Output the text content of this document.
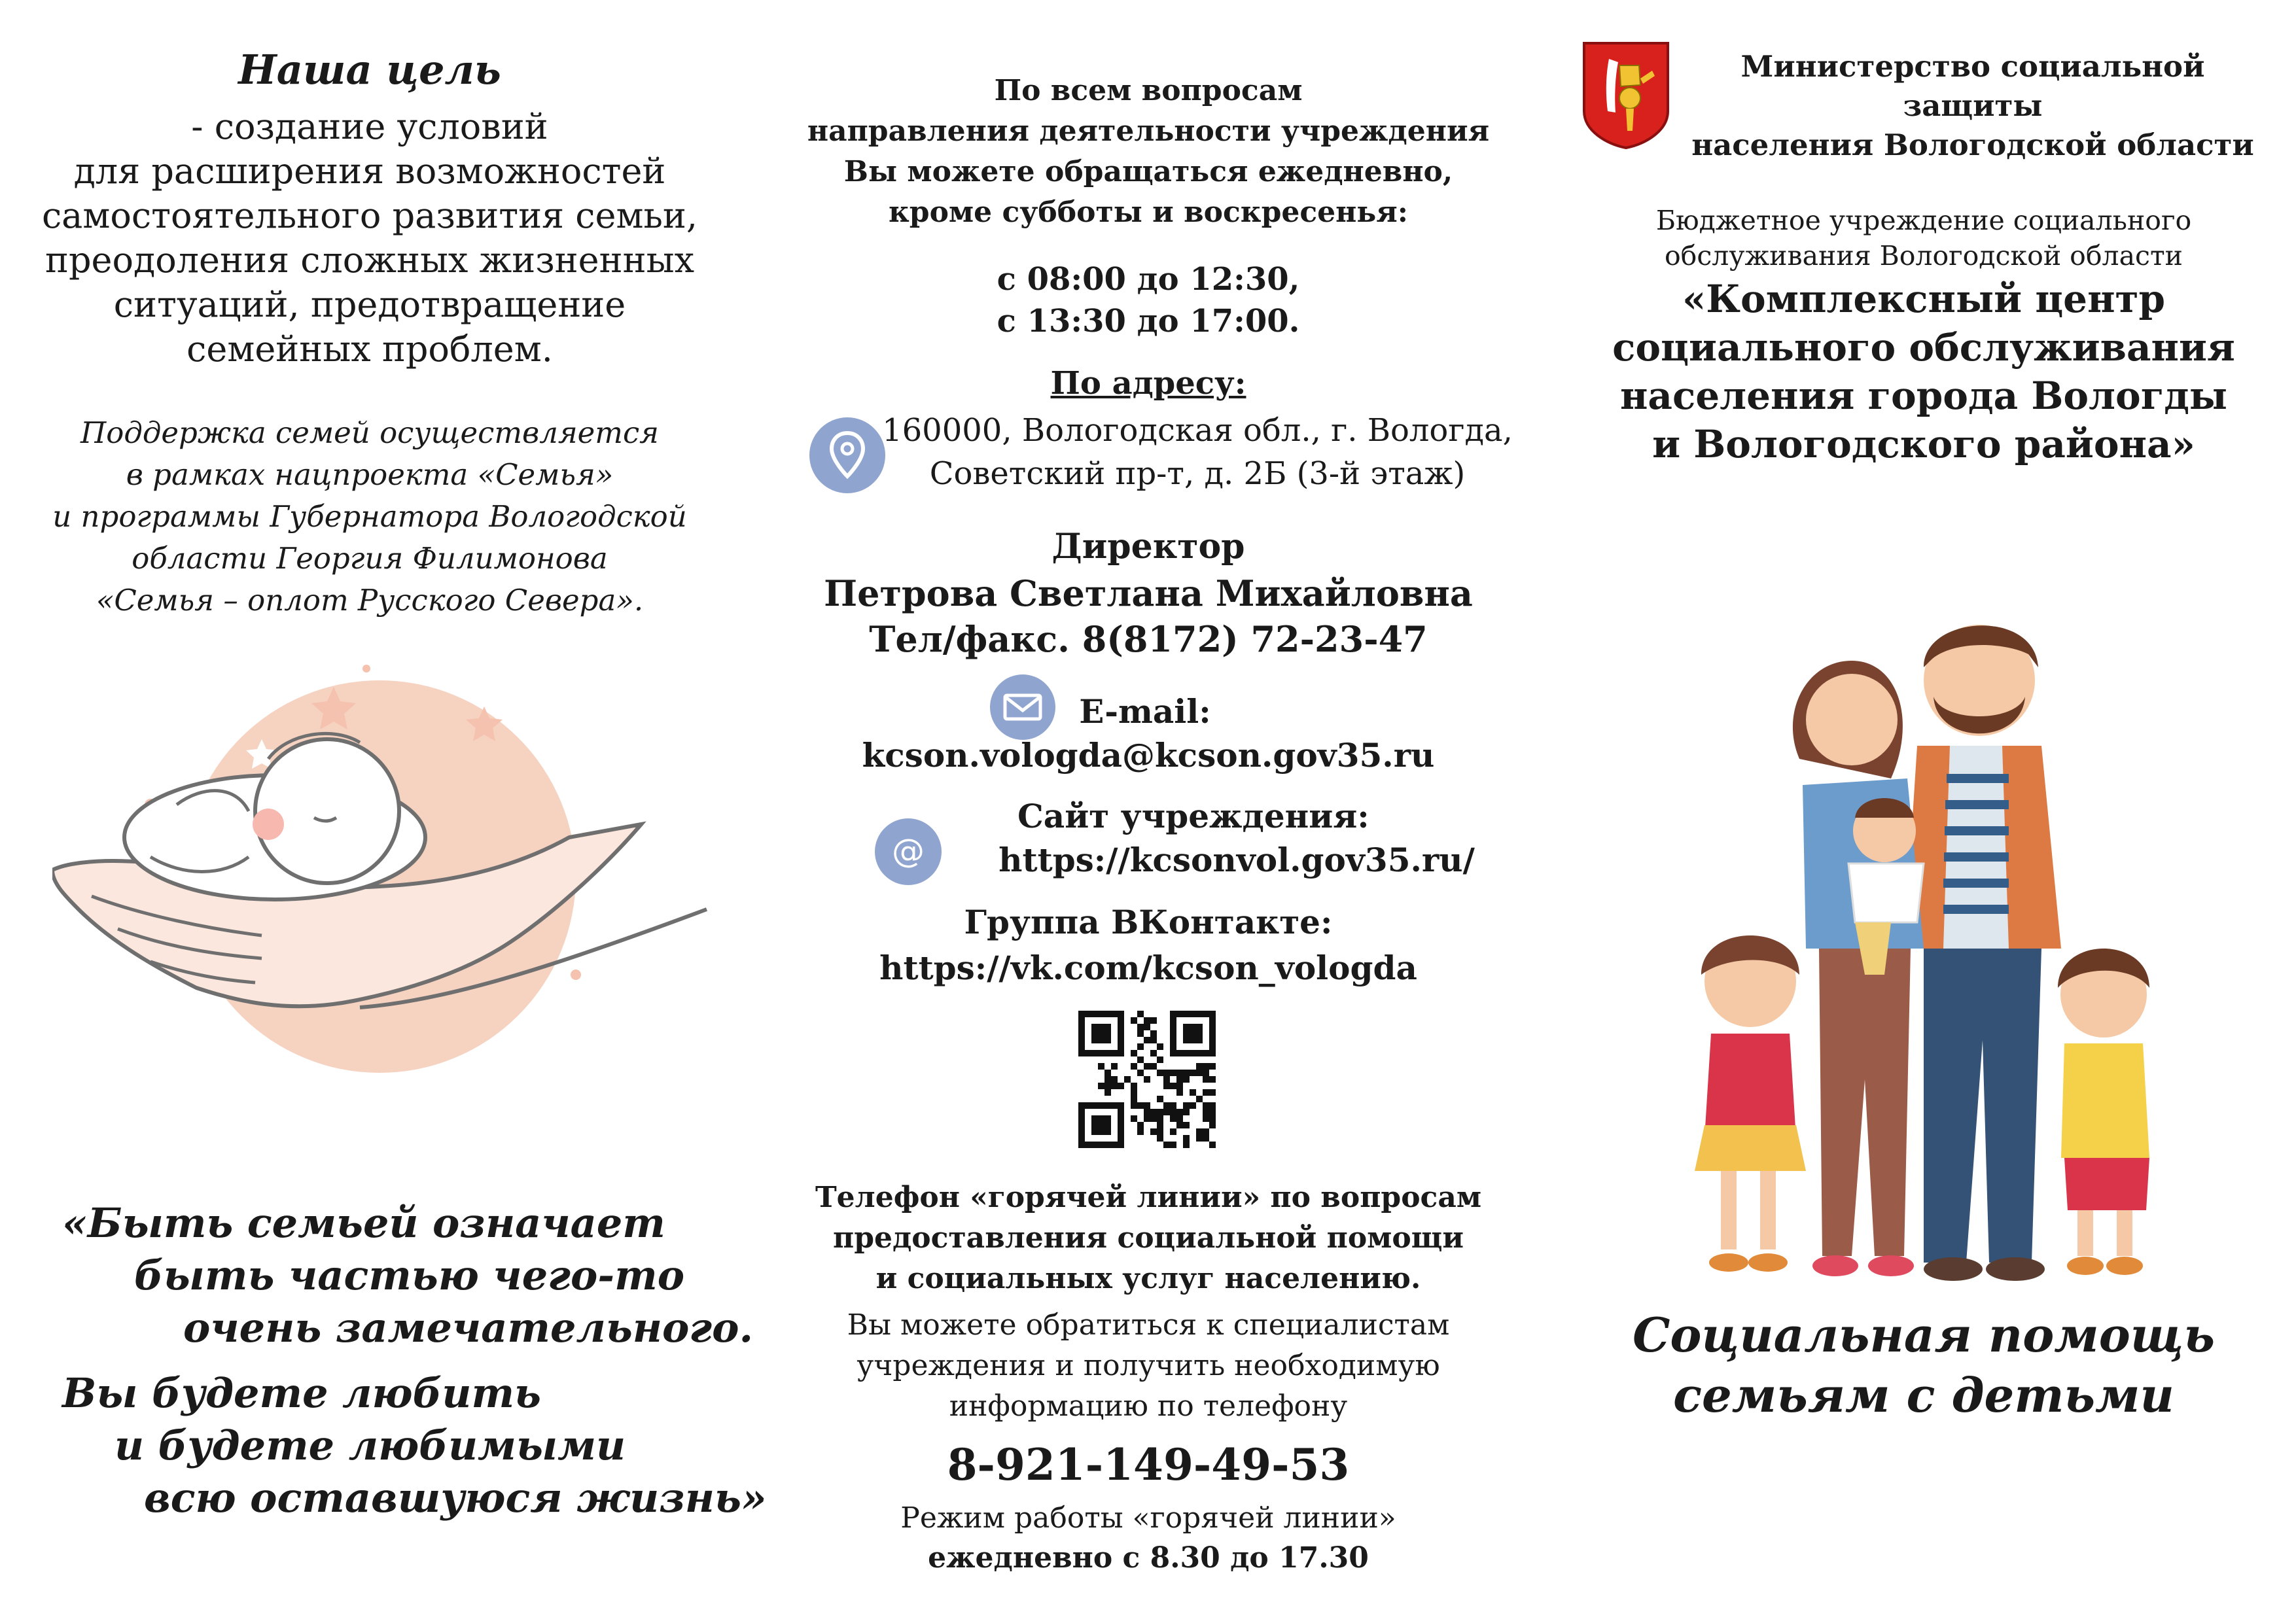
Наша цель
- создание условий
для расширения возможностей
самостоятельного развития семьи,
преодоления сложных жизненных
ситуаций, предотвращение
семейных проблем.
Поддержка семей осуществляется
в рамках нацпроекта «Семья»
и программы Губернатора Вологодской
области Георгия Филимонова
«Семья – оплот Русского Севера».
«Быть семьей означает
быть частью чего-то
очень замечательного.
Вы будете любить
и будете любимыми
всю оставшуюся жизнь»
По всем вопросам
направления деятельности учреждения
Вы можете обращаться ежедневно,
кроме субботы и воскресенья:
с 08:00 до 12:30,
с 13:30 до 17:00.
По адресу:
160000, Вологодская обл., г. Вологда,
Советский пр-т, д. 2Б (3-й этаж)
Директор
Петрова Светлана Михайловна
Тел/факс. 8(8172) 72-23-47
E-mail:
kcson.vologda@kcson.gov35.ru
@
Сайт учреждения:
https://kcsonvol.gov35.ru/
Группа ВКонтакте:
https://vk.com/kcson_vologda
Телефон «горячей линии» по вопросам
предоставления социальной помощи
и социальных услуг населению.
Вы можете обратиться к специалистам
учреждения и получить необходимую
информацию по телефону
8-921-149-49-53
Режим работы «горячей линии»
ежедневно с 8.30 до 17.30
Министерство социальной защиты
населения Вологодской области
Бюджетное учреждение социального
обслуживания Вологодской области
«Комплексный центр
социального обслуживания
населения города Вологды
и Вологодского района»
Социальная помощь
семьям с детьми
